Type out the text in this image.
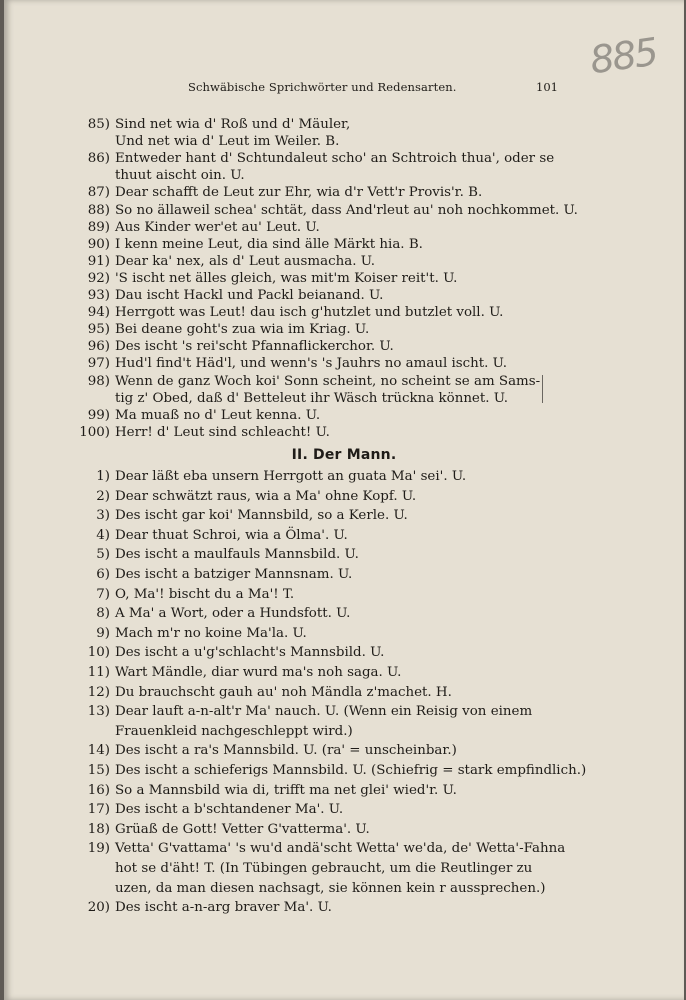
885
Schwäbische Sprichwörter und Redensarten.	101
85) Sind net wia d' Roß und d' Mäuler,
Und net wia d' Leut im Weiler. B.
86) Entweder hant d' Schtundaleut scho' an Schtroich thua', oder se
thuut aischt oin. U.
87) Dear schafft de Leut zur Ehr, wia d'r Vett'r Provis'r. B.
88) So no ällaweil schea' schtät, dass And'rleut au' noh nochkommet. U.
89) Aus Kinder wer'et au' Leut. U.
90) I kenn meine Leut, dia sind älle Märkt hia. B.
91) Dear ka' nex, als d' Leut ausmacha. U.
92) 'S ischt net älles gleich, was mit'm Koiser reit't. U.
93) Dau ischt Hackl und Packl beianand. U.
94) Herrgott was Leut! dau isch g'hutzlet und butzlet voll. U.
95) Bei deane goht's zua wia im Kriag. U.
96) Des ischt 's rei'scht Pfannaflickerchor. U.
97) Hud'l find't Häd'l, und wenn's 's Jauhrs no amaul ischt. U.
98) Wenn de ganz Woch koi' Sonn scheint, no scheint se am Sams-
tig z' Obed, daß d' Betteleut ihr Wäsch trückna könnet. U.
99) Ma muaß no d' Leut kenna. U.
100) Herr! d' Leut sind schleacht! U.
II. Der Mann.
1) Dear läßt eba unsern Herrgott an guata Ma' sei'. U.
2) Dear schwätzt raus, wia a Ma' ohne Kopf. U.
3) Des ischt gar koi' Mannsbild, so a Kerle. U.
4) Dear thuat Schroi, wia a Ölma'. U.
5) Des ischt a maulfauls Mannsbild. U.
6) Des ischt a batziger Mannsnam. U.
7) O, Ma'! bischt du a Ma'! T.
8) A Ma' a Wort, oder a Hundsfott. U.
9) Mach m'r no koine Ma'la. U.
10) Des ischt a u'g'schlacht's Mannsbild. U.
11) Wart Mändle, diar wurd ma's noh saga. U.
12) Du brauchscht gauh au' noh Mändla z'machet. H.
13) Dear lauft a-n-alt'r Ma' nauch. U. (Wenn ein Reisig von einem
Frauenkleid nachgeschleppt wird.)
14) Des ischt a ra's Mannsbild. U. (ra' = unscheinbar.)
15) Des ischt a schieferigs Mannsbild. U. (Schiefrig = stark empfindlich.)
16) So a Mannsbild wia di, trifft ma net glei' wied'r. U.
17) Des ischt a b'schtandener Ma'. U.
18) Grüaß de Gott! Vetter G'vatterma'. U.
19) Vetta' G'vattama' 's wu'd andä'scht Wetta' we'da, de' Wetta'-Fahna
hot se d'äht! T. (In Tübingen gebraucht, um die Reutlinger zu
uzen, da man diesen nachsagt, sie können kein r aussprechen.)
20) Des ischt a-n-arg braver Ma'. U.
